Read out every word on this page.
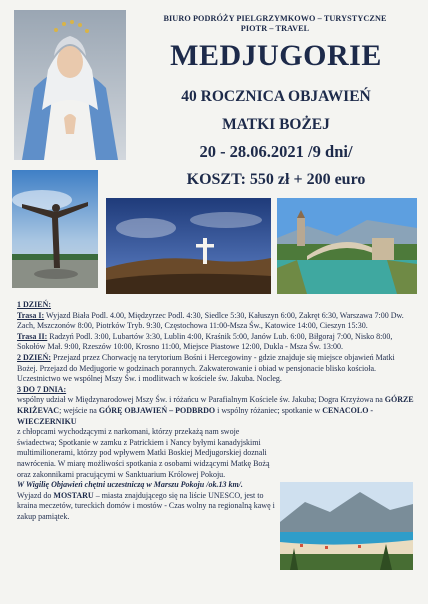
BIURO PODRÓŻY PIELGRZYMKOWO – TURYSTYCZNE
PIOTR – TRAVEL
MEDJUGORIE
40 ROCZNICA OBJAWIEŃ
MATKI BOŻEJ
20 - 28.06.2021 /9 dni/
KOSZT: 550 zł + 200 euro

1 DZIEŃ:

Trasa I: Wyjazd Biała Podl. 4.00, Międzyrzec Podl. 4:30, Siedlce 5:30, Kałuszyn 6:00, Zakręt 6:30, Warszawa 7:00 Dw. Zach, Mszczonów 8:00, Piotrków Tryb. 9:30, Częstochowa 11:00-Msza Św., Katowice 14:00, Cieszyn 15:30.

Trasa II: Radzyń Podl. 3:00, Lubartów 3:30, Lublin 4:00, Kraśnik 5:00, Janów Lub. 6:00, Biłgoraj 7:00, Nisko 8:00, Sokołów Mał. 9:00, Rzeszów 10:00, Krosno 11:00, Miejsce Piastowe 12:00, Dukla - Msza Św. 13:00.

2 DZIEŃ: Przejazd przez Chorwację na terytorium Bośni i Hercegowiny - gdzie znajduje się miejsce objawień Matki Bożej. Przejazd do Medjugorie w godzinach porannych. Zakwaterowanie i obiad w pensjonacie blisko kościoła. Uczestnictwo we wspólnej Mszy Św. i modlitwach w kościele św. Jakuba. Nocleg.

3 DO 7 DNIA:

wspólny udział w Międzynarodowej Mszy Św. i różańcu w Parafialnym Kościele św. Jakuba; Dogra Krzyżowa na GÓRZE KRIŻEVAC; wejście na GÓRĘ OBJAWIEŃ – PODBRDO i wspólny różaniec; spotkanie w CENACOLO - WIECZERNIKU

z chłopcami wychodzącymi z narkomani, którzy przekażą nam swoje świadectwa; Spotkanie w zamku z Patrickiem i Nancy byłymi kanadyjskimi multimilionerami, którzy pod wpływem Matki Boskiej Medjugorskiej doznali nawrócenia. W miarę możliwości spotkania z osobami widzącymi Matkę Bożą oraz zakonnikami pracującymi w Sanktuarium Królowej Pokoju.

W Wigilię Objawień chętni uczestniczą w Marszu Pokoju /ok.13 km/.

Wyjazd do MOSTARU – miasta znajdującego się na liście UNESCO, jest to kraina meczetów, tureckich domów i mostów - Czas wolny na regionalną kawę i zakup pamiątek.
